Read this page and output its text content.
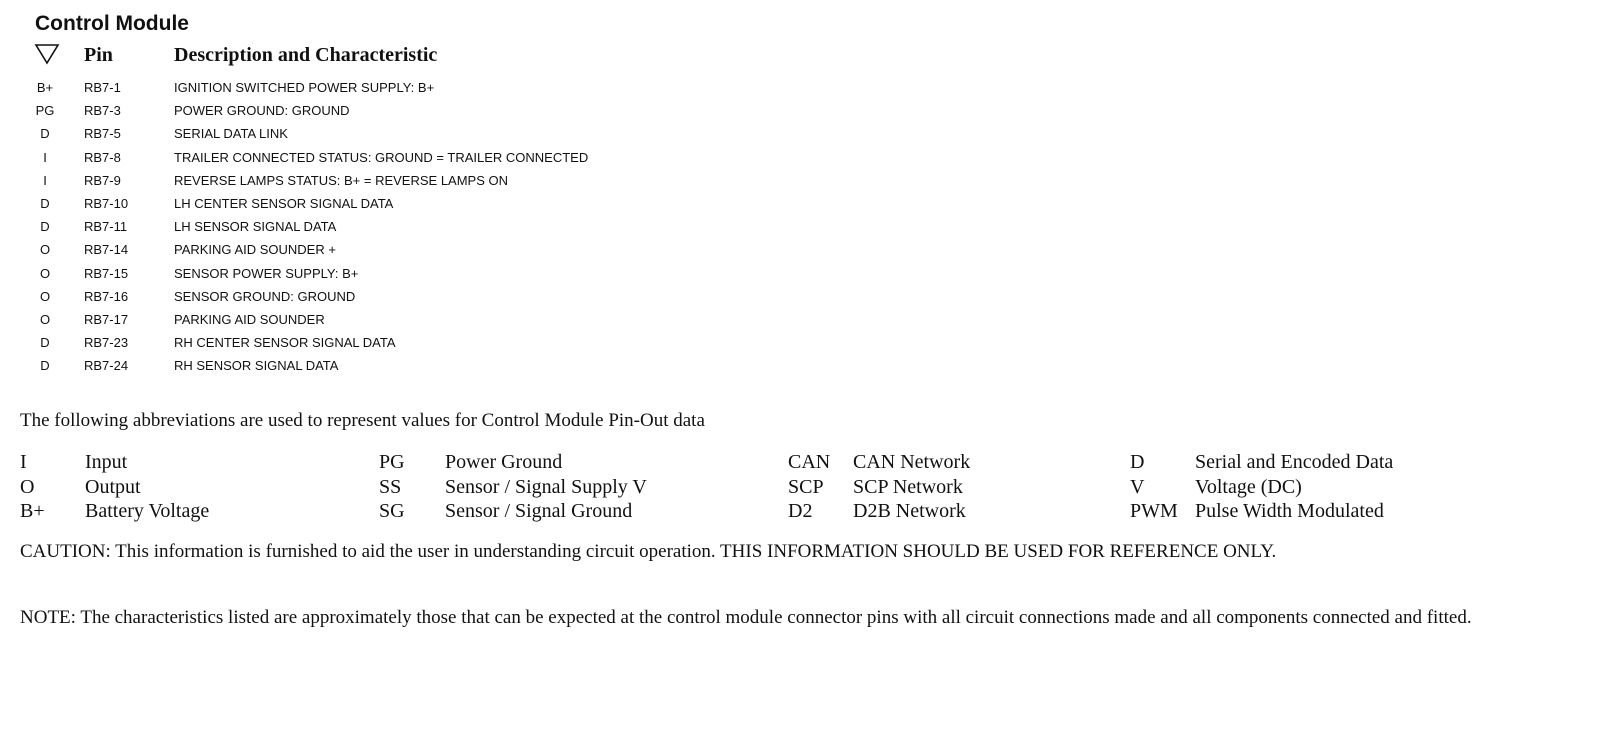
Control Module
Pin	Description and Characteristic
B+ RB7-1	IGNITION SWITCHED POWER SUPPLY: B+
PG RB7-3	POWER GROUND: GROUND
D	RB7-5	SERIAL DATA LINK
I	RB7-8	TRAILER CONNECTED STATUS: GROUND = TRAILER CONNECTED
I	RB7-9	REVERSE LAMPS STATUS: B+ = REVERSE LAMPS ON
D	RB7-10	LH CENTER SENSOR SIGNAL DATA
D	RB7-11	LH SENSOR SIGNAL DATA
O	RB7-14	PARKING AID SOUNDER +
O	RB7-15	SENSOR POWER SUPPLY: B+
O	RB7-16	SENSOR GROUND: GROUND
O	RB7-17	PARKING AID SOUNDER
D	RB7-23	RH CENTER SENSOR SIGNAL DATA
D	RB7-24	RH SENSOR SIGNAL DATA
The following abbreviations are used to represent values for Control Module Pin-Out data
I	Input	PG Power Ground	CAN CAN Network	D	Serial and Encoded Data
O	Output	SS Sensor / Signal Supply V	SCP SCP Network	V	Voltage (DC)
B+ Battery Voltage	SG Sensor / Signal Ground	D2 D2B Network	PWM Pulse Width Modulated
CAUTION: This information is furnished to aid the user in understanding circuit operation. THIS INFORMATION SHOULD BE USED FOR REFERENCE ONLY.
NOTE: The characteristics listed are approximately those that can be expected at the control module connector pins with all circuit connections made and all components connected and fitted.
